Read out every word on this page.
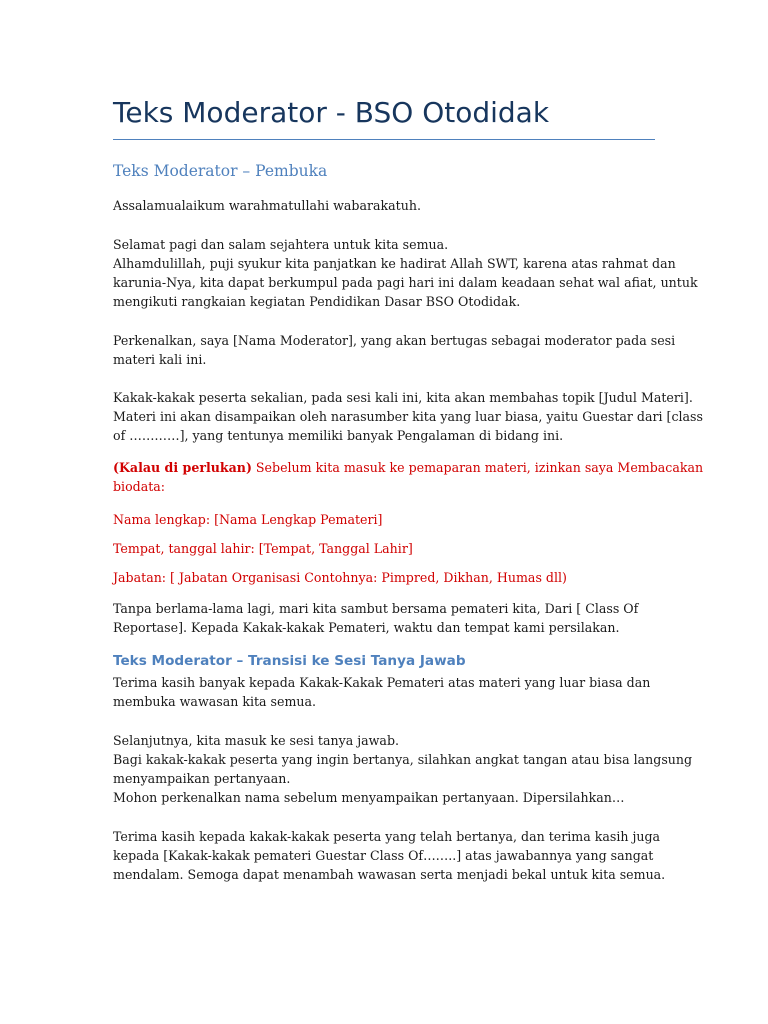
Teks Moderator - BSO Otodidak
Teks Moderator – Pembuka

Assalamualaikum warahmatullahi wabarakatuh.

Selamat pagi dan salam sejahtera untuk kita semua.
Alhamdulillah, puji syukur kita panjatkan ke hadirat Allah SWT, karena atas rahmat dan
karunia-Nya, kita dapat berkumpul pada pagi hari ini dalam keadaan sehat wal afiat, untuk
mengikuti rangkaian kegiatan Pendidikan Dasar BSO Otodidak.

Perkenalkan, saya [Nama Moderator], yang akan bertugas sebagai moderator pada sesi
materi kali ini.

Kakak-kakak peserta sekalian, pada sesi kali ini, kita akan membahas topik [Judul Materi].
Materi ini akan disampaikan oleh narasumber kita yang luar biasa, yaitu Guestar dari [class
of …………], yang tentunya memiliki banyak Pengalaman di bidang ini.

(Kalau di perlukan) Sebelum kita masuk ke pemaparan materi, izinkan saya Membacakan
biodata:

Nama lengkap: [Nama Lengkap Pemateri]

Tempat, tanggal lahir: [Tempat, Tanggal Lahir]

Jabatan: [ Jabatan Organisasi Contohnya: Pimpred, Dikhan, Humas dll)

Tanpa berlama-lama lagi, mari kita sambut bersama pemateri kita, Dari [ Class Of
Reportase]. Kepada Kakak-kakak Pemateri, waktu dan tempat kami persilakan.

Teks Moderator – Transisi ke Sesi Tanya Jawab

Terima kasih banyak kepada Kakak-Kakak Pemateri atas materi yang luar biasa dan
membuka wawasan kita semua.

Selanjutnya, kita masuk ke sesi tanya jawab.
Bagi kakak-kakak peserta yang ingin bertanya, silahkan angkat tangan atau bisa langsung
menyampaikan pertanyaan.
Mohon perkenalkan nama sebelum menyampaikan pertanyaan. Dipersilahkan…

Terima kasih kepada kakak-kakak peserta yang telah bertanya, dan terima kasih juga
kepada [Kakak-kakak pemateri Guestar Class Of……..] atas jawabannya yang sangat
mendalam. Semoga dapat menambah wawasan serta menjadi bekal untuk kita semua.
